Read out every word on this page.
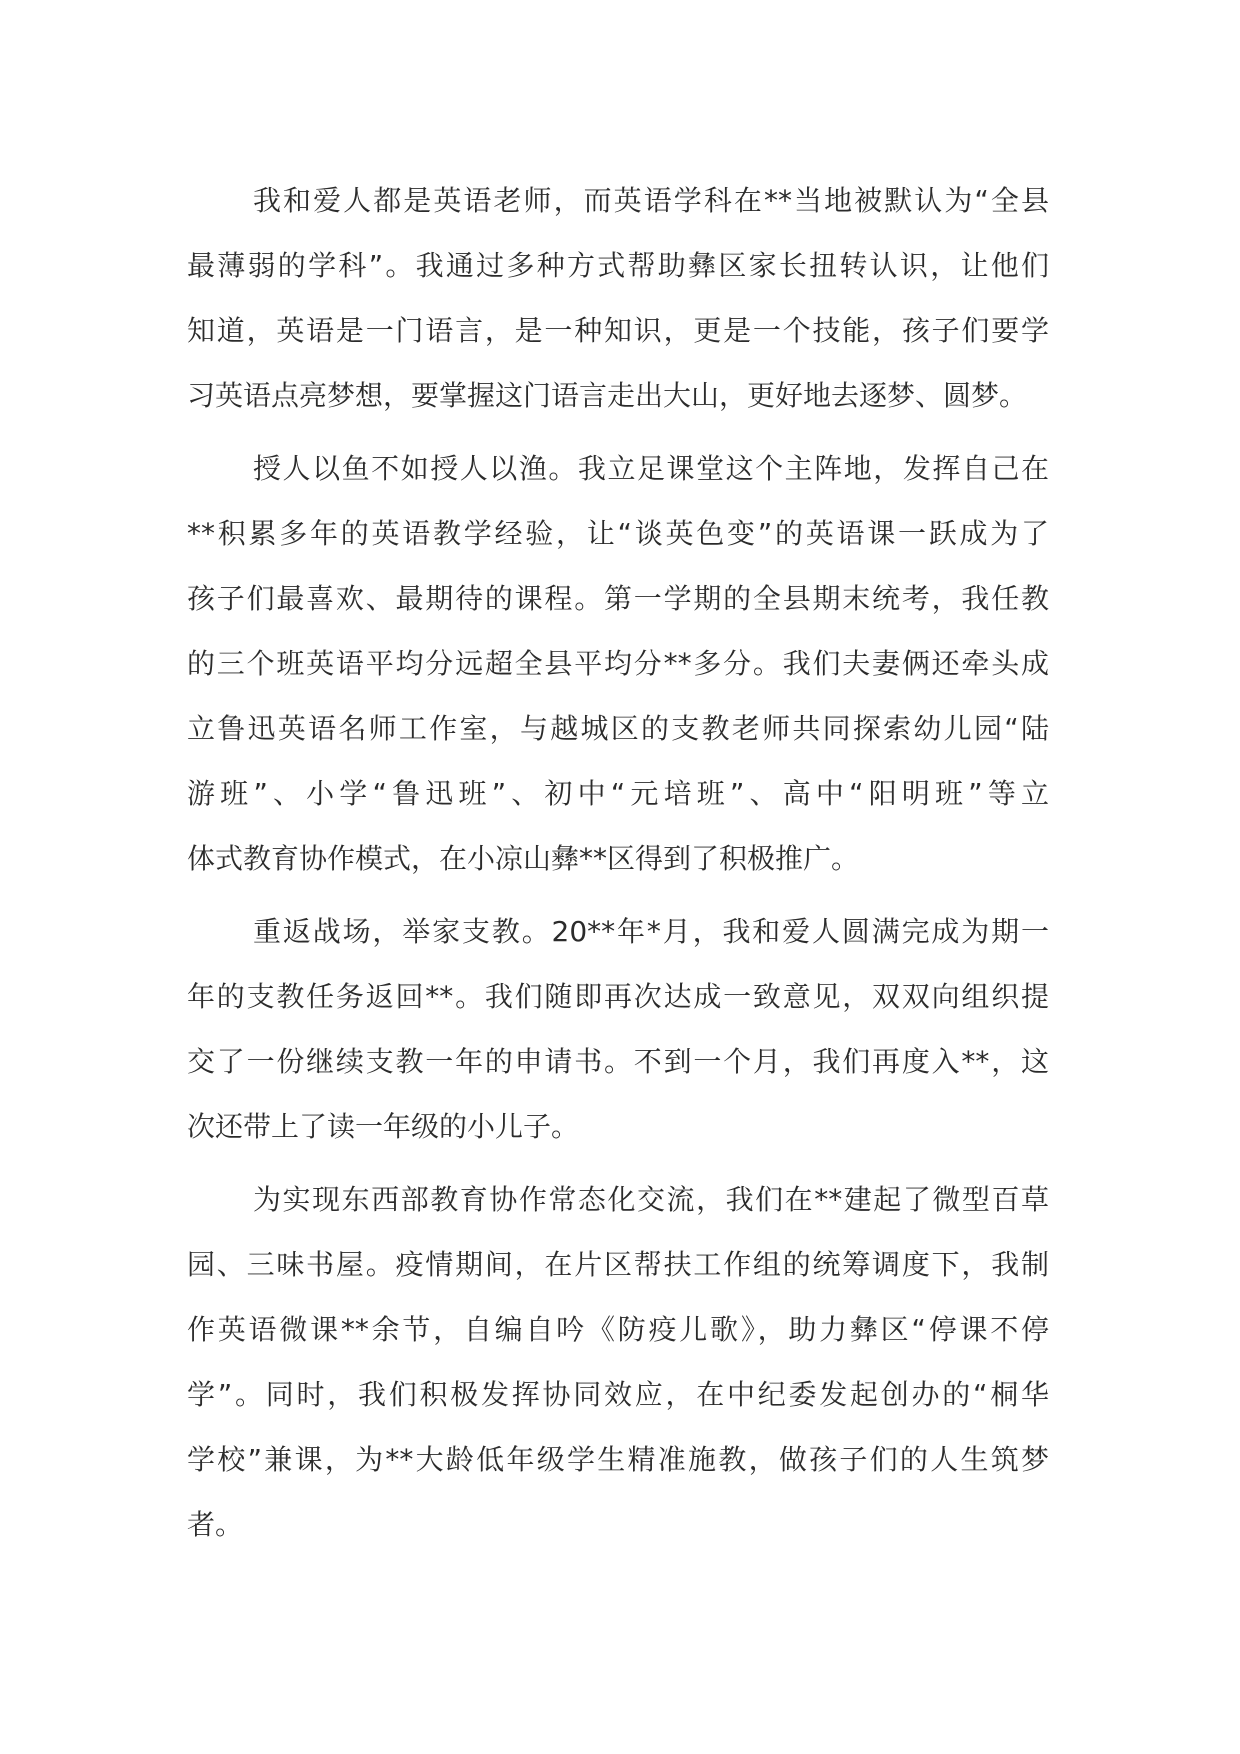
我和爱人都是英语老师，而英语学科在**当地被默认为“全县
最薄弱的学科”。我通过多种方式帮助彝区家长扭转认识，让他们
知道，英语是一门语言，是一种知识，更是一个技能，孩子们要学
习英语点亮梦想，要掌握这门语言走出大山，更好地去逐梦、圆梦。
授人以鱼不如授人以渔。我立足课堂这个主阵地，发挥自己在
**积累多年的英语教学经验，让“谈英色变”的英语课一跃成为了
孩子们最喜欢、最期待的课程。第一学期的全县期末统考，我任教
的三个班英语平均分远超全县平均分**多分。我们夫妻俩还牵头成
立鲁迅英语名师工作室，与越城区的支教老师共同探索幼儿园“陆
游班”、小学“鲁迅班”、初中“元培班”、高中“阳明班”等立
体式教育协作模式，在小凉山彝**区得到了积极推广。
重返战场，举家支教。20**年*月，我和爱人圆满完成为期一
年的支教任务返回**。我们随即再次达成一致意见，双双向组织提
交了一份继续支教一年的申请书。不到一个月，我们再度入**，这
次还带上了读一年级的小儿子。
为实现东西部教育协作常态化交流，我们在**建起了微型百草
园、三味书屋。疫情期间，在片区帮扶工作组的统筹调度下，我制
作英语微课**余节，自编自吟《防疫儿歌》，助力彝区“停课不停
学”。同时，我们积极发挥协同效应，在中纪委发起创办的“桐华
学校”兼课，为**大龄低年级学生精准施教，做孩子们的人生筑梦
者。
